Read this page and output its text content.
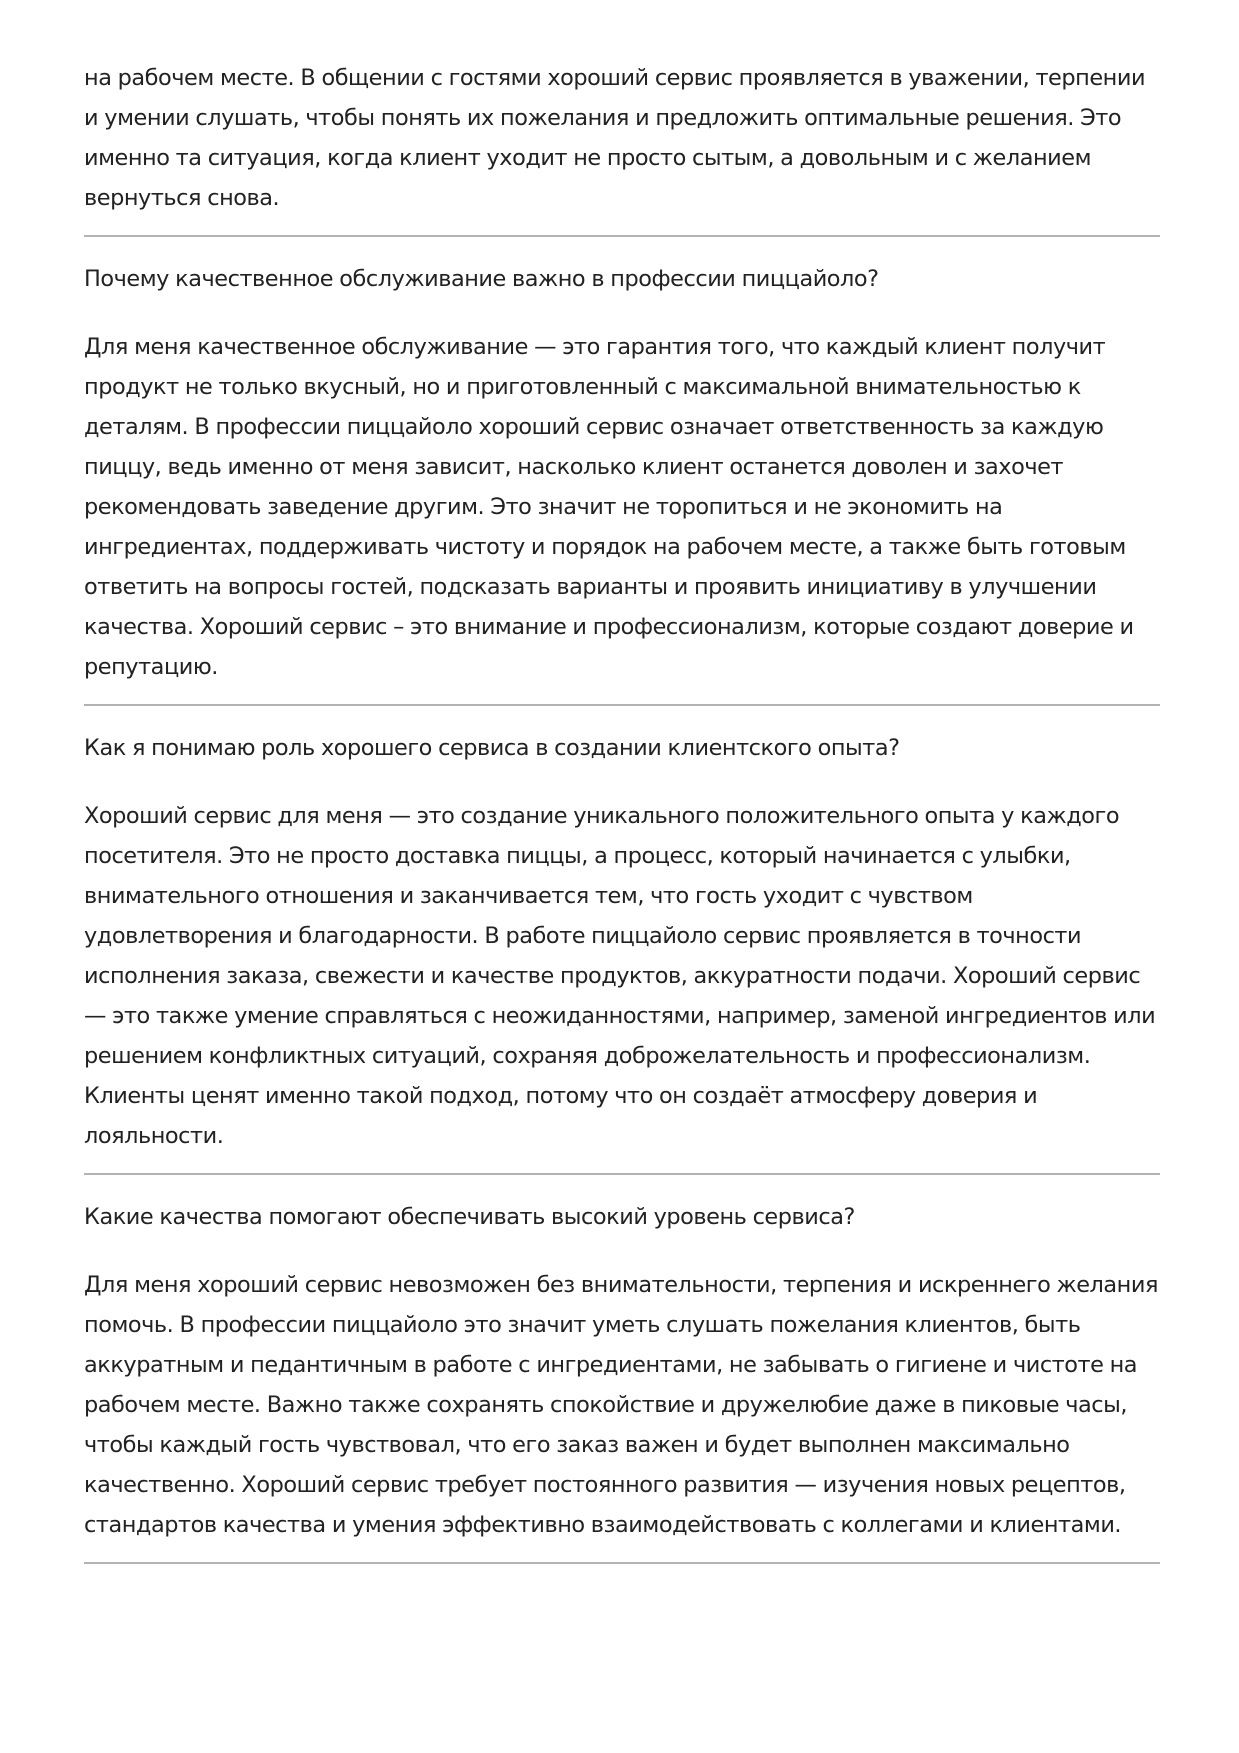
на рабочем месте. В общении с гостями хороший сервис проявляется в уважении, терпении и умении слушать, чтобы понять их пожелания и предложить оптимальные решения. Это именно та ситуация, когда клиент уходит не просто сытым, а довольным и с желанием вернуться снова.

Почему качественное обслуживание важно в профессии пиццайоло?

Для меня качественное обслуживание — это гарантия того, что каждый клиент получит продукт не только вкусный, но и приготовленный с максимальной внимательностью к деталям. В профессии пиццайоло хороший сервис означает ответственность за каждую пиццу, ведь именно от меня зависит, насколько клиент останется доволен и захочет рекомендовать заведение другим. Это значит не торопиться и не экономить на ингредиентах, поддерживать чистоту и порядок на рабочем месте, а также быть готовым ответить на вопросы гостей, подсказать варианты и проявить инициативу в улучшении качества. Хороший сервис – это внимание и профессионализм, которые создают доверие и репутацию.

Как я понимаю роль хорошего сервиса в создании клиентского опыта?

Хороший сервис для меня — это создание уникального положительного опыта у каждого посетителя. Это не просто доставка пиццы, а процесс, который начинается с улыбки, внимательного отношения и заканчивается тем, что гость уходит с чувством удовлетворения и благодарности. В работе пиццайоло сервис проявляется в точности исполнения заказа, свежести и качестве продуктов, аккуратности подачи. Хороший сервис — это также умение справляться с неожиданностями, например, заменой ингредиентов или решением конфликтных ситуаций, сохраняя доброжелательность и профессионализм. Клиенты ценят именно такой подход, потому что он создаёт атмосферу доверия и лояльности.

Какие качества помогают обеспечивать высокий уровень сервиса?

Для меня хороший сервис невозможен без внимательности, терпения и искреннего желания помочь. В профессии пиццайоло это значит уметь слушать пожелания клиентов, быть аккуратным и педантичным в работе с ингредиентами, не забывать о гигиене и чистоте на рабочем месте. Важно также сохранять спокойствие и дружелюбие даже в пиковые часы, чтобы каждый гость чувствовал, что его заказ важен и будет выполнен максимально качественно. Хороший сервис требует постоянного развития — изучения новых рецептов, стандартов качества и умения эффективно взаимодействовать с коллегами и клиентами.
